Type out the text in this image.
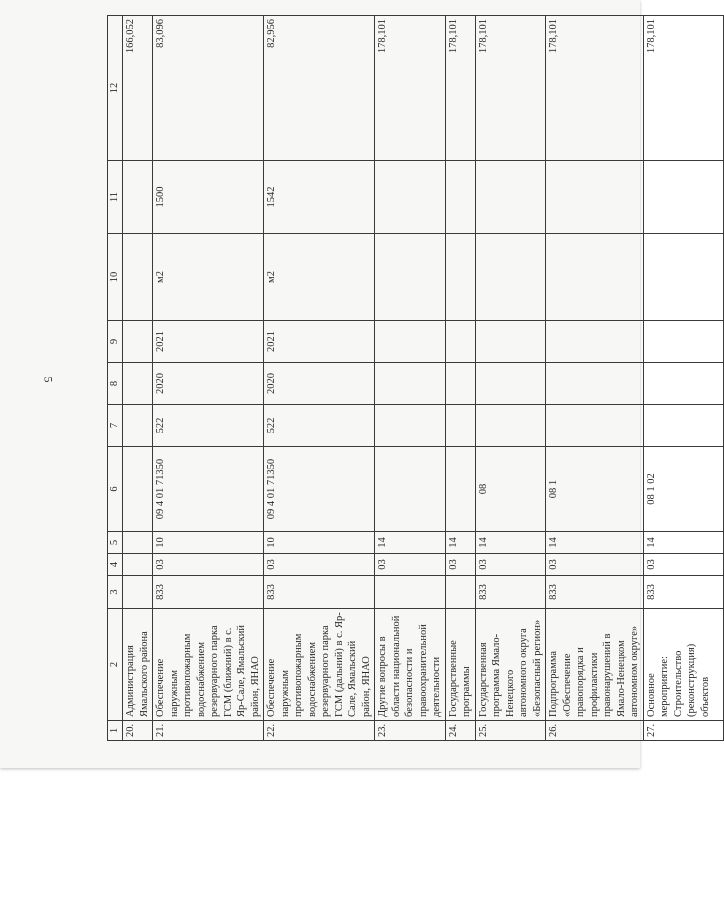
5
1	2	3	4	5	6	7	8	9	10	11	12
20.	Администрация Ямальского района										166,052
21.	Обеспечение наружным противопожарным водоснабжением резервуарного парка ГСМ (ближний) в с. Яр-Сале, Ямальский район, ЯНАО	833	03	10	09 4 01 71350	522	2020	2021	м2	1500	83,096
22.	Обеспечение наружным противопожарным водоснабжением резервуарного парка ГСМ (дальний) в с. Яр-Сале, Ямальский район, ЯНАО	833	03	10	09 4 01 71350	522	2020	2021	м2	1542	82,956
23.	Другие вопросы в области национальной безопасности и правоохранительной деятельности		03	14							178,101
24.	Государственные программы		03	14							178,101
25.	Государственная программа Ямало-Ненецкого автономного округа «Безопасный регион»	833	03	14	08						178,101
26.	Подпрограмма «Обеспечение правопорядка и профилактики правонарушений в Ямало-Ненецком автономном округе»	833	03	14	08 1						178,101
27.	Основное мероприятие: Строительство (реконструкция) объектов	833	03	14	08 1 02						178,101
